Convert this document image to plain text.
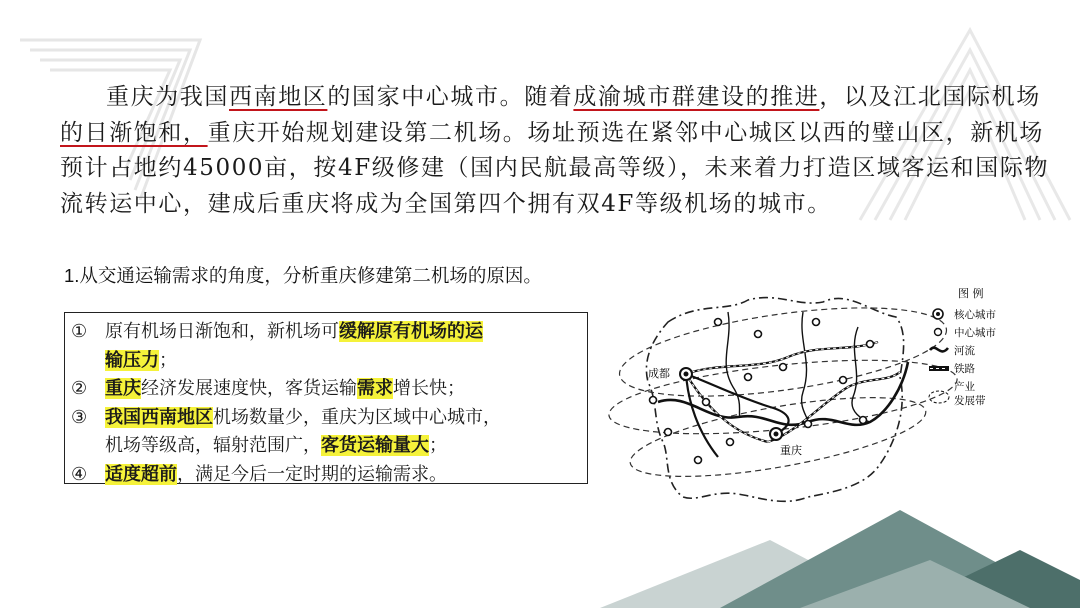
重庆为我国西南地区的国家中心城市。随着成渝城市群建设的推进，以及江北国际机场的日渐饱和，重庆开始规划建设第二机场。场址预选在紧邻中心城区以西的璧山区，新机场预计占地约45000亩，按4F级修建（国内民航最高等级），未来着力打造区域客运和国际物流转运中心，建成后重庆将成为全国第四个拥有双4F等级机场的城市。

1.从交通运输需求的角度，分析重庆修建第二机场的原因。
① 原有机场日渐饱和，新机场可缓解原有机场的运
输压力；
② 重庆经济发展速度快，客货运输需求增长快；
③ 我国西南地区机场数量少，重庆为区域中心城市，
机场等级高，辐射范围广，客货运输量大；
④ 适度超前，满足今后一定时期的运输需求。
成都
重庆
图 例
核心城市
中心城市
河流
铁路
产业
发展带
